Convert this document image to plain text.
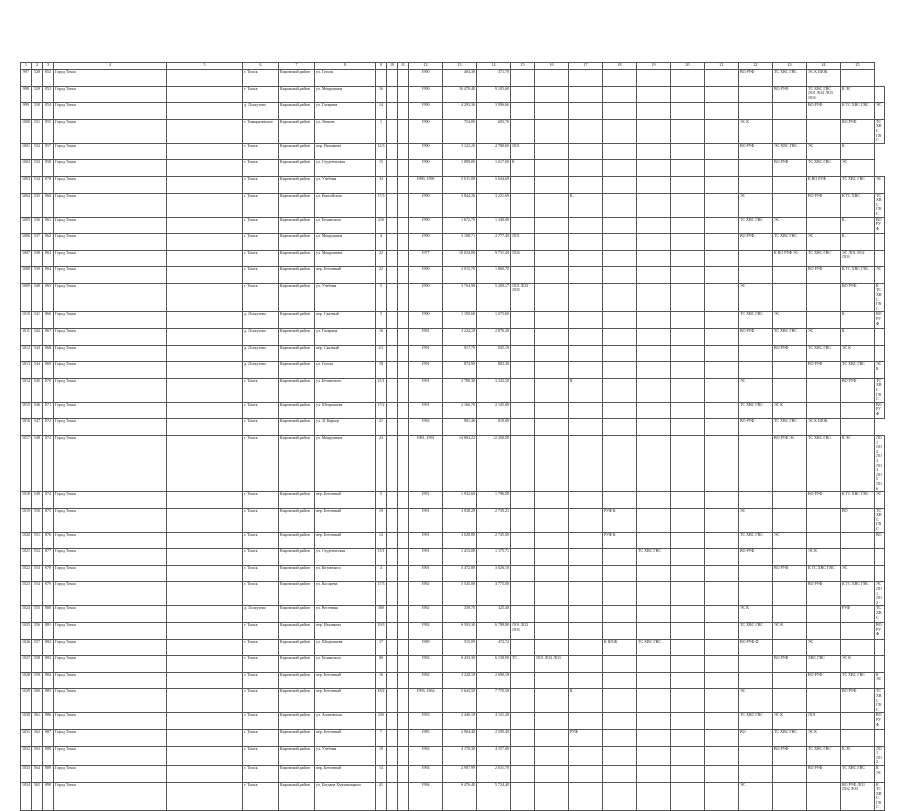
1	2	3	4	5	6	7	8	9	10	11	12	13	14	15	16	17	18	19	20	21	22	23	24	25	
997	528	852	Город Томск		г. Томск	Кировский район	ул. Гоголя				1990	404,30	371,70								ВО РУФ	ТС ХВС ГВС	ЭС К ШОК		
998	529	852	Город Томск		г. Томск	Кировский район	ул. Мокрушина	16			1990	10 470,40	9 105,60									ВО РУФ	ТС ХВС ГВС ЛО1 ЛО2 ЛО3 ЛО4	К ЭС	
999	530	854	Город Томск		д. Лоскутово	Кировский район	ул. Гагарина	14			1990	4 293,36	3 996,66										ВО РУФ	К ТС ХВС ГВС	ЭС
1000	531	855	Город Томск		г. Тимирязевское	Кировский район	ул. Ленина	1			1990	754,00	683,70								ЭС К			ВО РУФ	ТС ХВС ГВС
1001	532	857	Город Томск		г. Томск	Кировский район	пер. Нахимова	12/3			1990	3 122,20	2 780,60	ЛО1							ВО РУФ	ЭС ХВС ГВС	ЭС	К	
1002	533	858	Город Томск		г. Томск	Кировский район	ул. Студенческая	15			1990	1 889,00	1 617,00	К								ВО РУФ	ТС ХВС ГВС	ЭС	
1003	534	878	Город Томск		г. Томск	Кировский район	ул. Учебная	34			1989, 1990	5 011,00	5 044,60										К ВО РУФ	ТС ХВС ГВС	ЭС
1004	535	860	Город Томск		г. Томск	Кировский район	ул. Енисейская	17/3			1990	3 844,26	3 221,69			К					ЭС		ВО РУФ	К ТС ХВС	ТС ХВС ГВС
1005	536	861	Город Томск		г. Томск	Кировский район	ул. Белинского	21б			1990	1 672,70	1 340,00								ТС ХВС ГВС	ЭС		К	ВО РУФ
1006	537	862	Город Томск		г. Томск	Кировский район	ул. Мокрушина	4			1990	3 108,71	2 777,40	ЛО1							ВО РУФ	ТС ХВС ГВС	ЭС	К	
1007	538	863	Город Томск		г. Томск	Кировский район	ул. Мокрушина	22			1977	10 034,00	9 731,40	ЛО4								К ВО РУФ ЭС	ТС ХВС ГВС	ЭС ЛО1 ЛО2 ЛО3	
1008	539	864	Город Томск		г. Томск	Кировский район	пер. Бетонный	22			1990	3 015,70	1 860,70										ВО РУФ	К ТС ХВС ГВС	ЭС
1009	540	865	Город Томск		г. Томск	Кировский район	ул. Учебная	5			1990	3 764,98	5 200,17	ЛО1 ЛО2 ЛО3							ЭС			ВО РУФ	К ТС ХВС ГВС
1010	541	866	Город Томск		д. Лоскутово	Кировский район	пер. Сказный	5			1990	1 190,60	1 075,60								ТС ХВС ГВС	ЭС		К	ВО РУФ
1011	542	867	Город Томск		д. Лоскутово	Кировский район	ул. Гагарина	16			1991	3 224,10	2 876,40								ВО РУФ	ТС ХВС ГВС	ЭС	К	
1012	543	868	Город Томск		д. Лоскутово	Кировский район	пер. Сказный	2/1			1991	917,70	845,10									ВО РУФ	ТС ХВС ГВС	ЭС К	
1013	544	869	Город Томск		д. Лоскутово	Кировский район	ул. Гоголя	18			1991	874,90	802,30										ВО РУФ	ТС ХВС ГВС	ЭС К
1014	545	870	Город Томск		г. Томск	Кировский район	ул. Белинского	21/1			1991	3 780,30	3 342,50			К					ЭС			ВО РУФ	ТС ХВС ГВС
1015	546	871	Город Томск		г. Томск	Кировский район	ул. Шегрышева	17/2			1991	2 166,70	2 145,00								ТС ХВС ГВС	ЭС К			ВО РУФ
1016	547	872	Город Томск		г. Томск	Кировский район	ул. 41 Карьер	21			1992	901,46	810,00								ВО РУФ	ТС ХВС ГВС	ЭС К ШОК		
1017	548	872	Город Томск		г. Томск	Кировский район	ул. Мокрушина	24			1981, 1991	14 863,22	12 260,00									ВО РУФ ЭС	ТС ХВС ГВС	К ЭС	ЛО1 ЛО2 ЛО3 ЛО4 ЛО5 ЛО6
1018	549	874	Город Томск		г. Томск	Кировский район	пер. Бетонный	5			1991	1 932,60	1 796,00										ВО РУФ	К ТС ХВС ГВС	ЭС
1019	550	875	Город Томск		г. Томск	Кировский район	пер. Бетонный	19			1991	3 038,29	2 739,21				РУФ К				ЭС			ВО	ТС ХВС ГВС
1020	551	876	Город Томск		г. Томск	Кировский район	пер. Бетонный	12			1991	3 028,80	2 745,00				РУФ К				ТС ХВС ГВС	ЭС			ВО
1021	552	877	Город Томск		г. Томск	Кировский район	ул. Студенческая	15/1			1991	1 413,00	1 175,71					ТС ХВС ГВС			ВО РУФ		ЭС К		
1022	553	878	Город Томск		г. Томск	Кировский район	ул. Котовского	4			1991	3 472,80	3 026,10									ВО РУФ	К ТС ХВС ГВС	ЭС	
1023	554	879	Город Томск		г. Томск	Кировский район	ул. Косарева	17/3			1992	5 545,00	3 775,00										ВО РУФ	К ТС ХВС ГВС	ЭС ЛО1 ЛО2
1024	555	880	Город Томск		д. Лоскутово	Кировский район	ул. Весенняя	30б			1992	339,70	325,40								ЭС К			РУФ	ТС ХВС
1025	556	881	Город Томск		г. Томск	Кировский район	пер. Нахимова	19/3			1992	6 593,30	6 798,80	ЛО1 ЛО2 ЛО3							ТС ХВС ГВС	ЭС К			ВО РУФ
1026	557	882	Город Томск		г. Томск	Кировский район	ул. Шегрышева	17			1989	515,09	472,72				К ШОК	ТС ХВС ГВС			ВО РУФ Ф		ЭС		
1027	558	883	Город Томск		г. Томск	Кировский район	ул. Белинского	86			1992	6 433,30	6 138,90	ТС	ЛО1 ЛО2 ЛО3							ВО РУФ	ХВС ГВС	ЭС К	
1028	559	884	Город Томск		г. Томск	Кировский район	пер. Бетонный	16			1992	3 220,10	2 690,10										ВО РУФ	ТС ХВС ГВС	К ЭС
1029	560	885	Город Томск		г. Томск	Кировский район	пер. Бетонный	18/2			1993, 1964	5 643,50	7 770,50			К					ЭС			ВО РУФ	ТС ХВС ГВС
1030	561	886	Город Томск		г. Томск	Кировский район	ул. Асиновская	23б			1993	2 446,10	4 141,40								ТС ХВС ГВС	ЭС К	ЛО1		ВО РУФ
1031	562	887	Город Томск		г. Томск	Кировский район	пер. Бетонный	7			1985	2 904,40	2 590,40			РУФ					ВО	ТС ХВС ГВС	ЭС К		
1032	563	888	Город Томск		г. Томск	Кировский район	ул. Учебная	19			1992	4 170,30	4 157,00									ВО РУФ	ТС ХВС ГВС	К ЭС	ЛО1 ЛО2
1033	564	889	Город Томск		г. Томск	Кировский район	пер. Бетонный	14			1994	2 987,99	2 631,70										ВО РУФ	ТС ХВС ГВС	К ЭС
1034	565	890	Город Томск		г. Томск	Кировский район	ул. Богдана Хмельницкого	41			1994	6 476,40	5 724,40								ЭС			ВО РУФ ЛО1 ЛО2 ЛО3	К ТС ХВС ГВС
